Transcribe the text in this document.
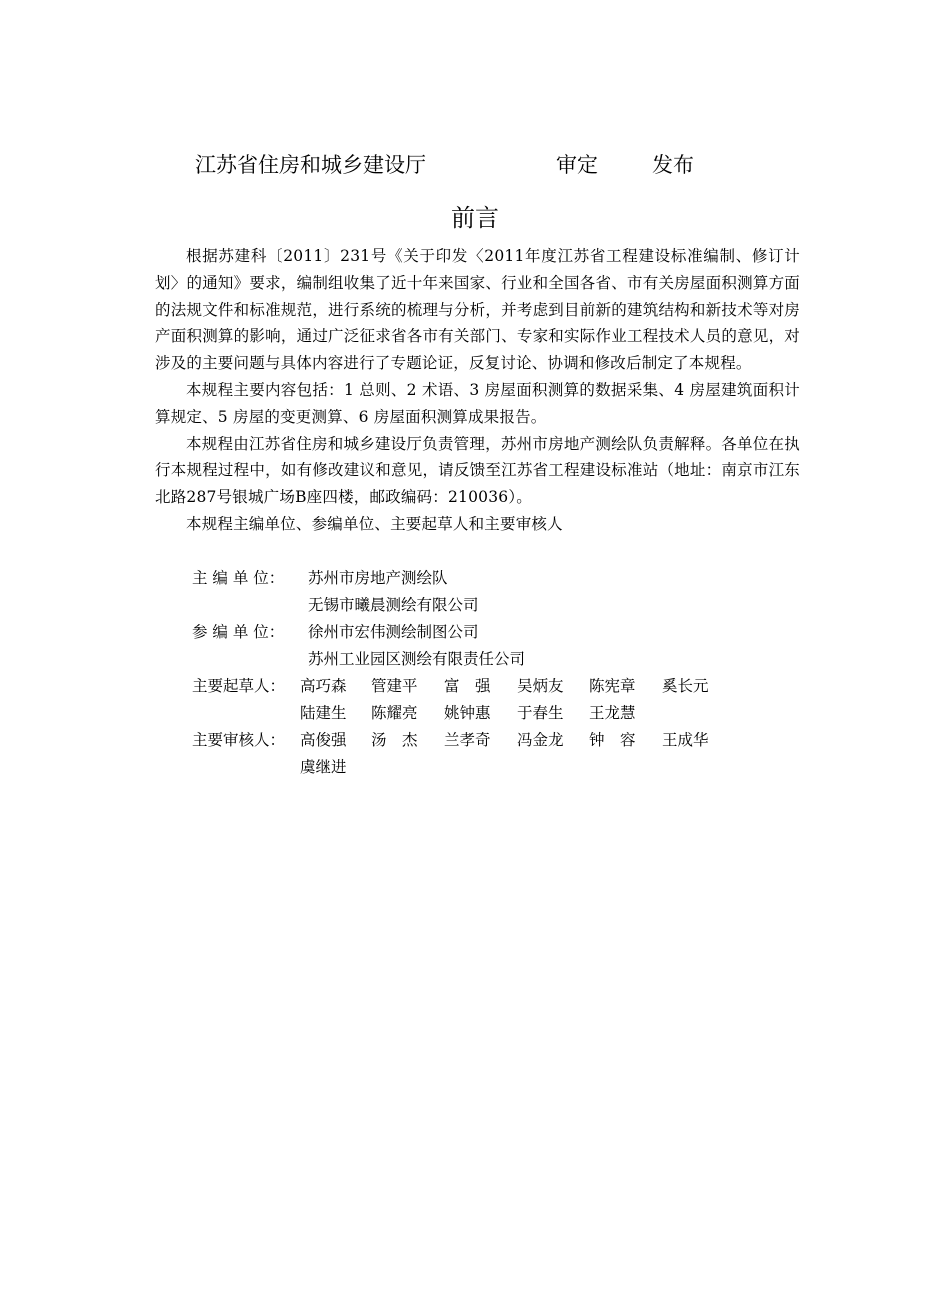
江苏省住房和城乡建设厅	审定	发布
前言

根据苏建科〔2011〕231号《关于印发〈2011年度江苏省工程建设标准编制、修订计划〉的通知》要求，编制组收集了近十年来国家、行业和全国各省、市有关房屋面积测算方面的法规文件和标准规范，进行系统的梳理与分析，并考虑到目前新的建筑结构和新技术等对房产面积测算的影响，通过广泛征求省各市有关部门、专家和实际作业工程技术人员的意见，对涉及的主要问题与具体内容进行了专题论证，反复讨论、协调和修改后制定了本规程。

本规程主要内容包括：1 总则、2 术语、3 房屋面积测算的数据采集、4 房屋建筑面积计算规定、5 房屋的变更测算、6 房屋面积测算成果报告。

本规程由江苏省住房和城乡建设厅负责管理，苏州市房地产测绘队负责解释。各单位在执行本规程过程中，如有修改建议和意见，请反馈至江苏省工程建设标准站（地址：南京市江东北路287号银城广场B座四楼，邮政编码：210036）。

本规程主编单位、参编单位、主要起草人和主要审核人

主 编 单 位： 苏州市房地产测绘队
无锡市曦晨测绘有限公司
参 编 单 位： 徐州市宏伟测绘制图公司
苏州工业园区测绘有限责任公司
主要起草人： 高巧森 管建平 富　强 吴炳友 陈宪章 奚长元
陆建生 陈耀亮 姚钟惠 于春生 王龙慧
主要审核人： 高俊强 汤　杰 兰孝奇 冯金龙 钟　容 王成华
虞继进
